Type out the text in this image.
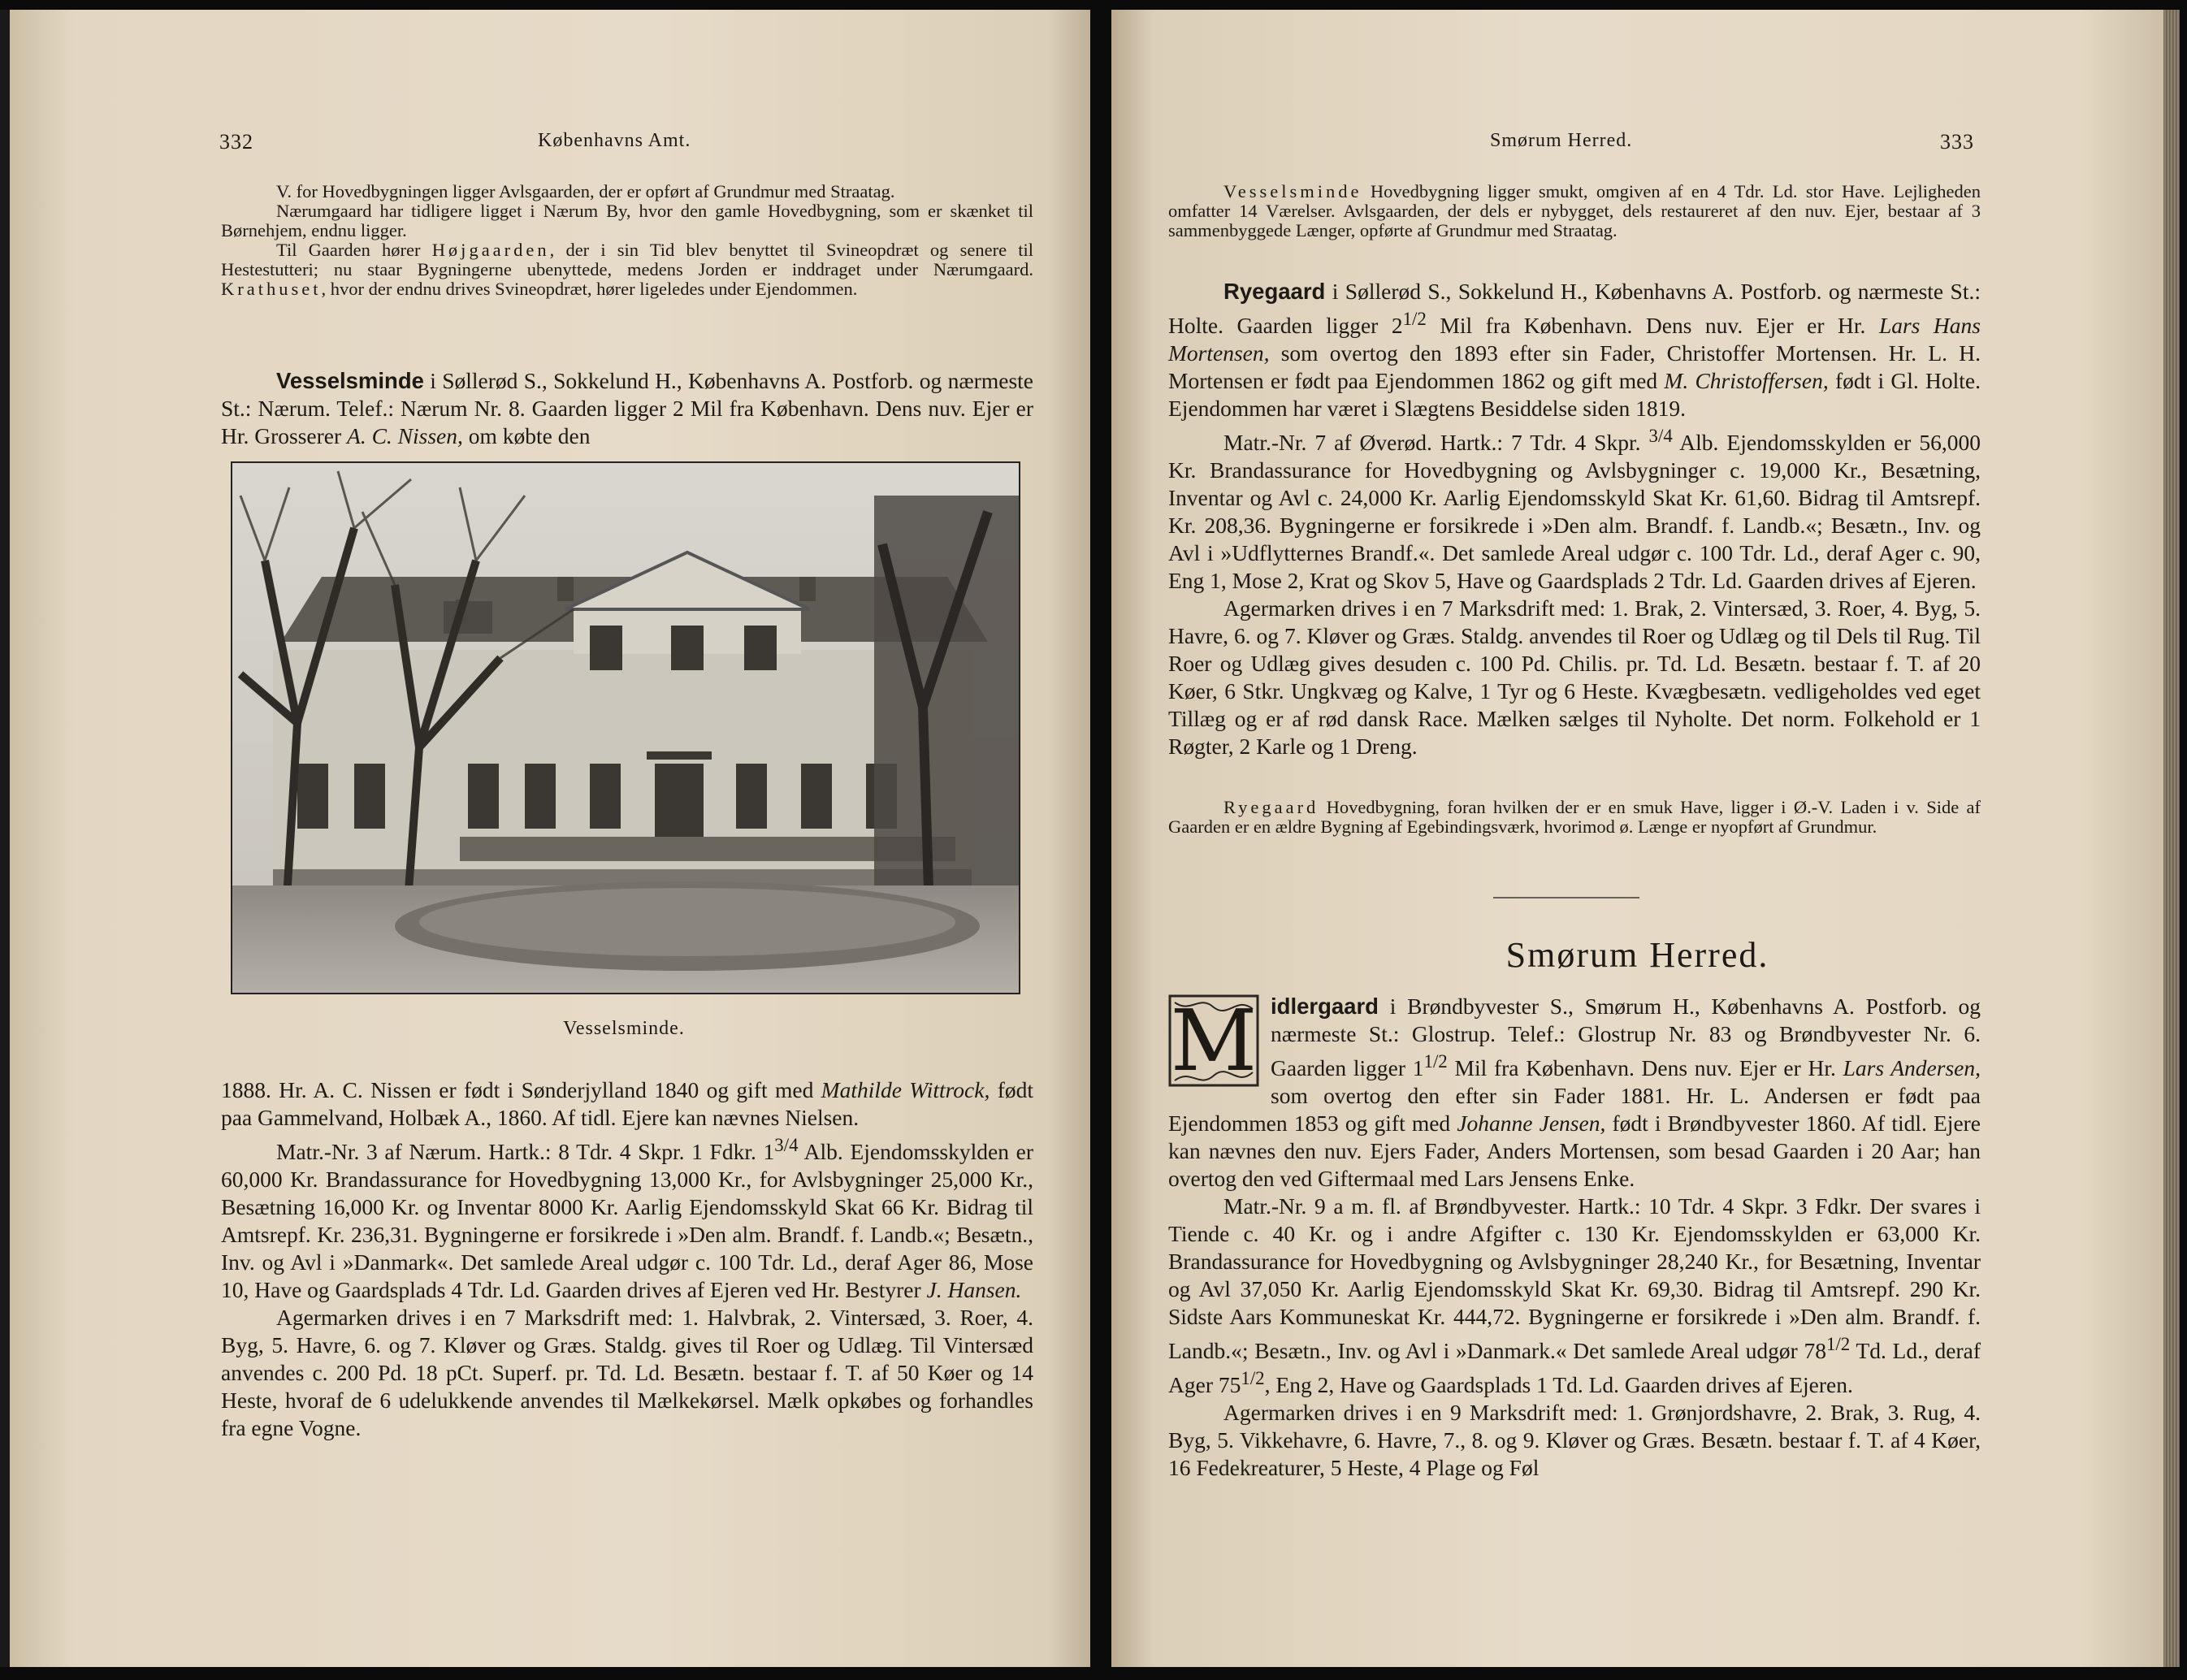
332	Københavns Amt.

V. for Hovedbygningen ligger Avlsgaarden, der er opført af Grundmur med Straatag.
Nærumgaard har tidligere ligget i Nærum By, hvor den gamle Hovedbygning, som er skænket til Børnehjem, endnu ligger.
Til Gaarden hører Højgaarden, der i sin Tid blev benyttet til Svineopdræt og senere til Hestestutteri; nu staar Bygningerne ubenyttede, medens Jorden er inddraget under Nærumgaard. Krathuset, hvor der endnu drives Svineopdræt, hører ligeledes under Ejendommen.

Vesselsminde i Søllerød S., Sokkelund H., Københavns A. Postforb. og nærmeste St.: Nærum. Telef.: Nærum Nr. 8. Gaarden ligger 2 Mil fra København. Dens nuv. Ejer er Hr. Grosserer A. C. Nissen, om købte den

Vesselsminde.

1888. Hr. A. C. Nissen er født i Sønderjylland 1840 og gift med Mathilde Wittrock, født paa Gammelvand, Holbæk A., 1860. Af tidl. Ejere kan nævnes Nielsen.
Matr.-Nr. 3 af Nærum. Hartk.: 8 Tdr. 4 Skpr. 1 Fdkr. $1^{3/4}$ Alb. Ejendomsskylden er 60,000 Kr. Brandassurance for Hovedbygning 13,000 Kr., for Avlsbygninger 25,000 Kr., Besætning 16,000 Kr. og Inventar 8000 Kr. Aarlig Ejendomsskyld Skat 66 Kr. Bidrag til Amtsrepf. Kr. 236,31. Bygningerne er forsikrede i »Den alm. Brandf. f. Landb.«; Besætn., Inv. og Avl i »Danmark«. Det samlede Areal udgør c. 100 Tdr. Ld., deraf Ager 86, Mose 10, Have og Gaardsplads 4 Tdr. Ld. Gaarden drives af Ejeren ved Hr. Bestyrer J. Hansen.
Agermarken drives i en 7 Marksdrift med: 1. Halvbrak, 2. Vintersæd, 3. Roer, 4. Byg, 5. Havre, 6. og 7. Kløver og Græs. Staldg. gives til Roer og Udlæg. Til Vintersæd anvendes c. 200 Pd. 18 pCt. Superf. pr. Td. Ld. Besætn. bestaar f. T. af 50 Køer og 14 Heste, hvoraf de 6 udelukkende anvendes til Mælkekørsel. Mælk opkøbes og forhandles fra egne Vogne.

Smørum Herred.	333

Vesselsminde Hovedbygning ligger smukt, omgiven af en 4 Tdr. Ld. stor Have. Lejligheden omfatter 14 Værelser. Avlsgaarden, der dels er nybygget, dels restaureret af den nuv. Ejer, bestaar af 3 sammenbyggede Længer, opførte af Grundmur med Straatag.

Ryegaard i Søllerød S., Sokkelund H., Københavns A. Postforb. og nærmeste St.: Holte. Gaarden ligger $2^{1/2}$ Mil fra København. Dens nuv. Ejer er Hr. Lars Hans Mortensen, som overtog den 1893 efter sin Fader, Christoffer Mortensen. Hr. L. H. Mortensen er født paa Ejendommen 1862 og gift med M. Christoffersen, født i Gl. Holte. Ejendommen har været i Slægtens Besiddelse siden 1819.
Matr.-Nr. 7 af Øverød. Hartk.: 7 Tdr. 4 Skpr. $^{3/4}$ Alb. Ejendomsskylden er 56,000 Kr. Brandassurance for Hovedbygning og Avlsbygninger c. 19,000 Kr., Besætning, Inventar og Avl c. 24,000 Kr. Aarlig Ejendomsskyld Skat Kr. 61,60. Bidrag til Amtsrepf. Kr. 208,36. Bygningerne er forsikrede i »Den alm. Brandf. f. Landb.«; Besætn., Inv. og Avl i »Udflytternes Brandf.«. Det samlede Areal udgør c. 100 Tdr. Ld., deraf Ager c. 90, Eng 1, Mose 2, Krat og Skov 5, Have og Gaardsplads 2 Tdr. Ld. Gaarden drives af Ejeren.
Agermarken drives i en 7 Marksdrift med: 1. Brak, 2. Vintersæd, 3. Roer, 4. Byg, 5. Havre, 6. og 7. Kløver og Græs. Staldg. anvendes til Roer og Udlæg og til Dels til Rug. Til Roer og Udlæg gives desuden c. 100 Pd. Chilis. pr. Td. Ld. Besætn. bestaar f. T. af 20 Køer, 6 Stkr. Ungkvæg og Kalve, 1 Tyr og 6 Heste. Kvægbesætn. vedligeholdes ved eget Tillæg og er af rød dansk Race. Mælken sælges til Nyholte. Det norm. Folkehold er 1 Røgter, 2 Karle og 1 Dreng.

Ryegaard Hovedbygning, foran hvilken der er en smuk Have, ligger i Ø.-V. Laden i v. Side af Gaarden er en ældre Bygning af Egebindingsværk, hvorimod ø. Længe er nyopført af Grundmur.

Smørum Herred.
M idlergaard i Brøndbyvester S., Smørum H., Københavns A. Postforb. og nærmeste St.: Glostrup. Telef.: Glostrup Nr. 83 og Brøndbyvester Nr. 6. Gaarden ligger $1^{1/2}$ Mil fra København. Dens nuv. Ejer er Hr. Lars Andersen, som overtog den efter sin Fader 1881. Hr. L. Andersen er født paa Ejendommen 1853 og gift med Johanne Jensen, født i Brøndbyvester 1860. Af tidl. Ejere kan nævnes den nuv. Ejers Fader, Anders Mortensen, som besad Gaarden i 20 Aar; han overtog den ved Giftermaal med Lars Jensens Enke.
Matr.-Nr. 9 a m. fl. af Brøndbyvester. Hartk.: 10 Tdr. 4 Skpr. 3 Fdkr. Der svares i Tiende c. 40 Kr. og i andre Afgifter c. 130 Kr. Ejendomsskylden er 63,000 Kr. Brandassurance for Hovedbygning og Avlsbygninger 28,240 Kr., for Besætning, Inventar og Avl 37,050 Kr. Aarlig Ejendomsskyld Skat Kr. 69,30. Bidrag til Amtsrepf. 290 Kr. Sidste Aars Kommuneskat Kr. 444,72. Bygningerne er forsikrede i »Den alm. Brandf. f. Landb.«; Besætn., Inv. og Avl i »Danmark.« Det samlede Areal udgør $78^{1/2}$ Td. Ld., deraf Ager $75^{1/2}$, Eng 2, Have og Gaardsplads 1 Td. Ld. Gaarden drives af Ejeren.
Agermarken drives i en 9 Marksdrift med: 1. Grønjordshavre, 2. Brak, 3. Rug, 4. Byg, 5. Vikkehavre, 6. Havre, 7., 8. og 9. Kløver og Græs. Besætn. bestaar f. T. af 4 Køer, 16 Fedekreaturer, 5 Heste, 4 Plage og Føl
